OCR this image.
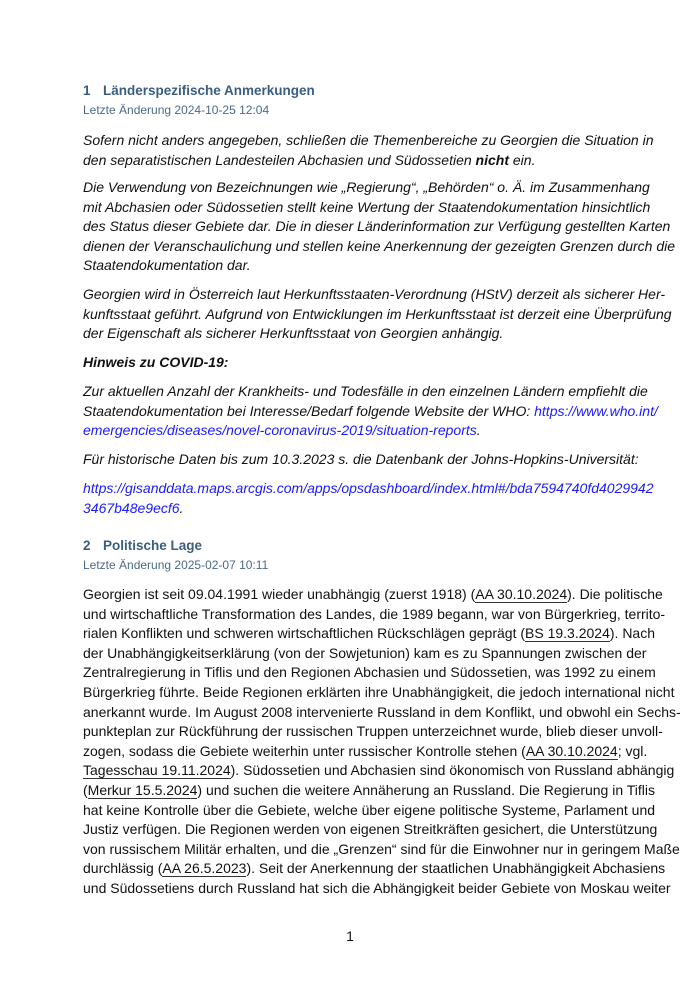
1 Länderspezifische Anmerkungen
Letzte Änderung 2024-10-25 12:04
2 Politische Lage
Letzte Änderung 2025-02-07 10:11
Sofern nicht anders angegeben, schließen die Themenbereiche zu Georgien die Situation in
den separatistischen Landesteilen Abchasien und Südossetien nicht ein.
Die Verwendung von Bezeichnungen wie „Regierung“, „Behörden“ o. Ä. im Zusammenhang
mit Abchasien oder Südossetien stellt keine Wertung der Staatendokumentation hinsichtlich
des Status dieser Gebiete dar. Die in dieser Länderinformation zur Verfügung gestellten Karten
dienen der Veranschaulichung und stellen keine Anerkennung der gezeigten Grenzen durch die
Staatendokumentation dar.
Georgien wird in Österreich laut Herkunftsstaaten-Verordnung (HStV) derzeit als sicherer Her-
kunftsstaat geführt. Aufgrund von Entwicklungen im Herkunftsstaat ist derzeit eine Überprüfung
der Eigenschaft als sicherer Herkunftsstaat von Georgien anhängig.
Hinweis zu COVID-19:
Zur aktuellen Anzahl der Krankheits- und Todesfälle in den einzelnen Ländern empfiehlt die
Staatendokumentation bei Interesse/Bedarf folgende Website der WHO: https://www.who.int/
emergencies/diseases/novel-coronavirus-2019/situation-reports.
Für historische Daten bis zum 10.3.2023 s. die Datenbank der Johns-Hopkins-Universität:
https://gisanddata.maps.arcgis.com/apps/opsdashboard/index.html#/bda7594740fd4029942
3467b48e9ecf6.
Georgien ist seit 09.04.1991 wieder unabhängig (zuerst 1918) (AA 30.10.2024). Die politische
und wirtschaftliche Transformation des Landes, die 1989 begann, war von Bürgerkrieg, territo-
rialen Konflikten und schweren wirtschaftlichen Rückschlägen geprägt (BS 19.3.2024). Nach
der Unabhängigkeitserklärung (von der Sowjetunion) kam es zu Spannungen zwischen der
Zentralregierung in Tiflis und den Regionen Abchasien und Südossetien, was 1992 zu einem
Bürgerkrieg führte. Beide Regionen erklärten ihre Unabhängigkeit, die jedoch international nicht
anerkannt wurde. Im August 2008 intervenierte Russland in dem Konflikt, und obwohl ein Sechs-
punkteplan zur Rückführung der russischen Truppen unterzeichnet wurde, blieb dieser unvoll-
zogen, sodass die Gebiete weiterhin unter russischer Kontrolle stehen (AA 30.10.2024; vgl.
Tagesschau 19.11.2024). Südossetien und Abchasien sind ökonomisch von Russland abhängig
(Merkur 15.5.2024) und suchen die weitere Annäherung an Russland. Die Regierung in Tiflis
hat keine Kontrolle über die Gebiete, welche über eigene politische Systeme, Parlament und
Justiz verfügen. Die Regionen werden von eigenen Streitkräften gesichert, die Unterstützung
von russischem Militär erhalten, und die „Grenzen“ sind für die Einwohner nur in geringem Maße
durchlässig (AA 26.5.2023). Seit der Anerkennung der staatlichen Unabhängigkeit Abchasiens
und Südossetiens durch Russland hat sich die Abhängigkeit beider Gebiete von Moskau weiter
1
